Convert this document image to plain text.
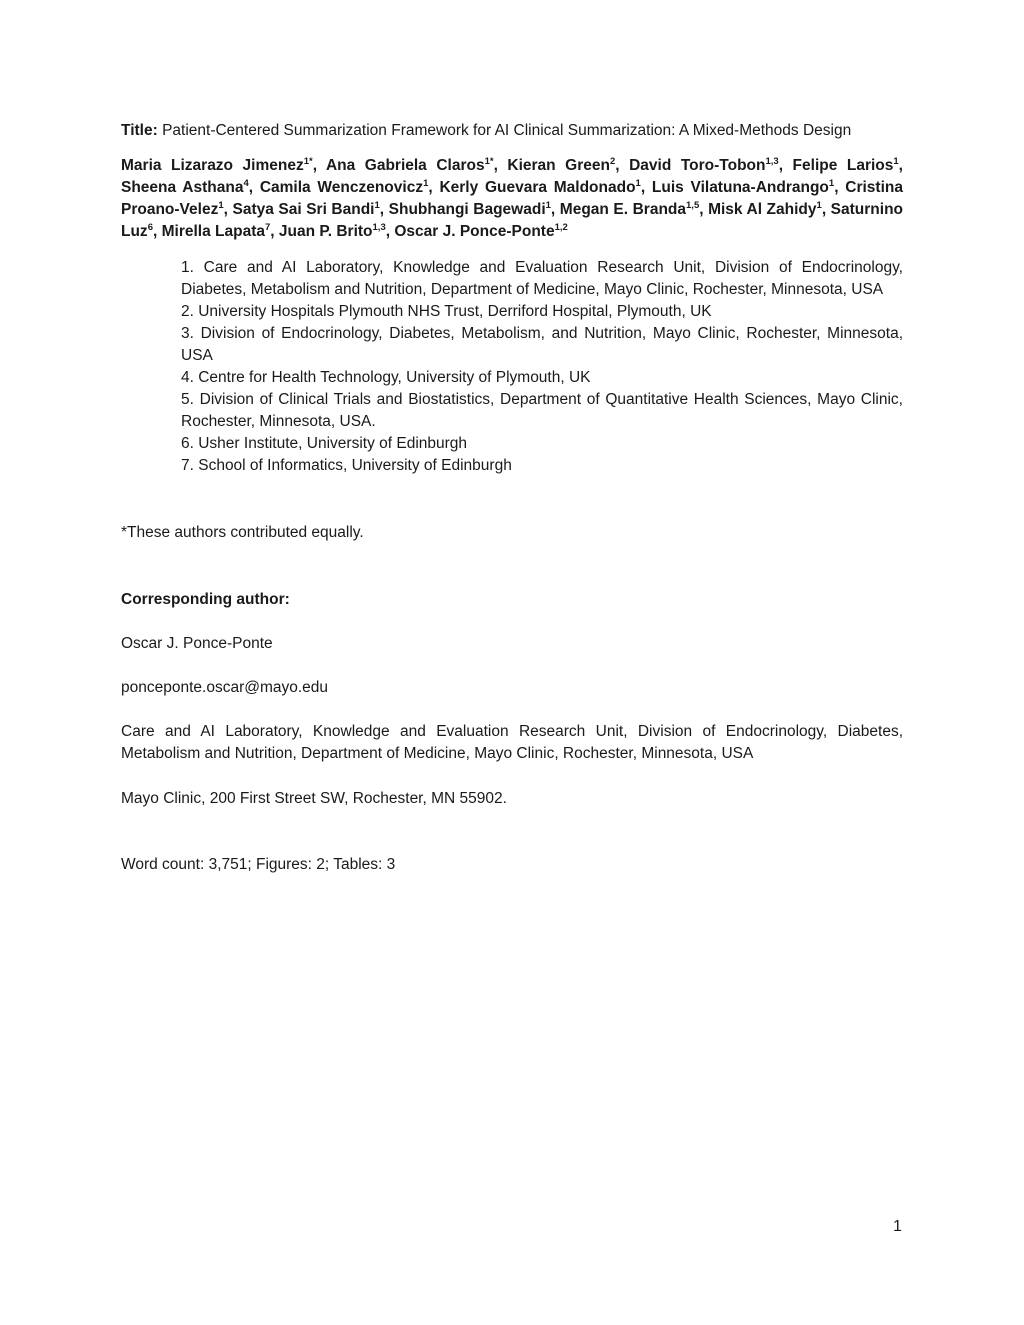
Title: Patient-Centered Summarization Framework for AI Clinical Summarization: A Mixed-Methods Design
Maria Lizarazo Jimenez$^{1*}$, Ana Gabriela Claros$^{1*}$, Kieran Green$^2$, David Toro-Tobon$^{1,3}$, Felipe Larios$^1$, Sheena Asthana$^4$, Camila Wenczenovicz$^1$, Kerly Guevara Maldonado$^1$, Luis Vilatuna-Andrango$^1$, Cristina Proano-Velez$^1$, Satya Sai Sri Bandi$^1$, Shubhangi Bagewadi$^1$, Megan E. Branda$^{1,5}$, Misk Al Zahidy$^1$, Saturnino Luz$^6$, Mirella Lapata$^7$, Juan P. Brito$^{1,3}$, Oscar J. Ponce-Ponte$^{1,2}$
1. Care and AI Laboratory, Knowledge and Evaluation Research Unit, Division of Endocrinology, Diabetes, Metabolism and Nutrition, Department of Medicine, Mayo Clinic, Rochester, Minnesota, USA
2. University Hospitals Plymouth NHS Trust, Derriford Hospital, Plymouth, UK
3. Division of Endocrinology, Diabetes, Metabolism, and Nutrition, Mayo Clinic, Rochester, Minnesota, USA
4. Centre for Health Technology, University of Plymouth, UK
5. Division of Clinical Trials and Biostatistics, Department of Quantitative Health Sciences, Mayo Clinic, Rochester, Minnesota, USA.
6. Usher Institute, University of Edinburgh
7. School of Informatics, University of Edinburgh
*These authors contributed equally.
Corresponding author:
Oscar J. Ponce-Ponte
ponceponte.oscar@mayo.edu
Care and AI Laboratory, Knowledge and Evaluation Research Unit, Division of Endocrinology, Diabetes, Metabolism and Nutrition, Department of Medicine, Mayo Clinic, Rochester, Minnesota, USA
Mayo Clinic, 200 First Street SW, Rochester, MN 55902.
Word count: 3,751; Figures: 2; Tables: 3
1
